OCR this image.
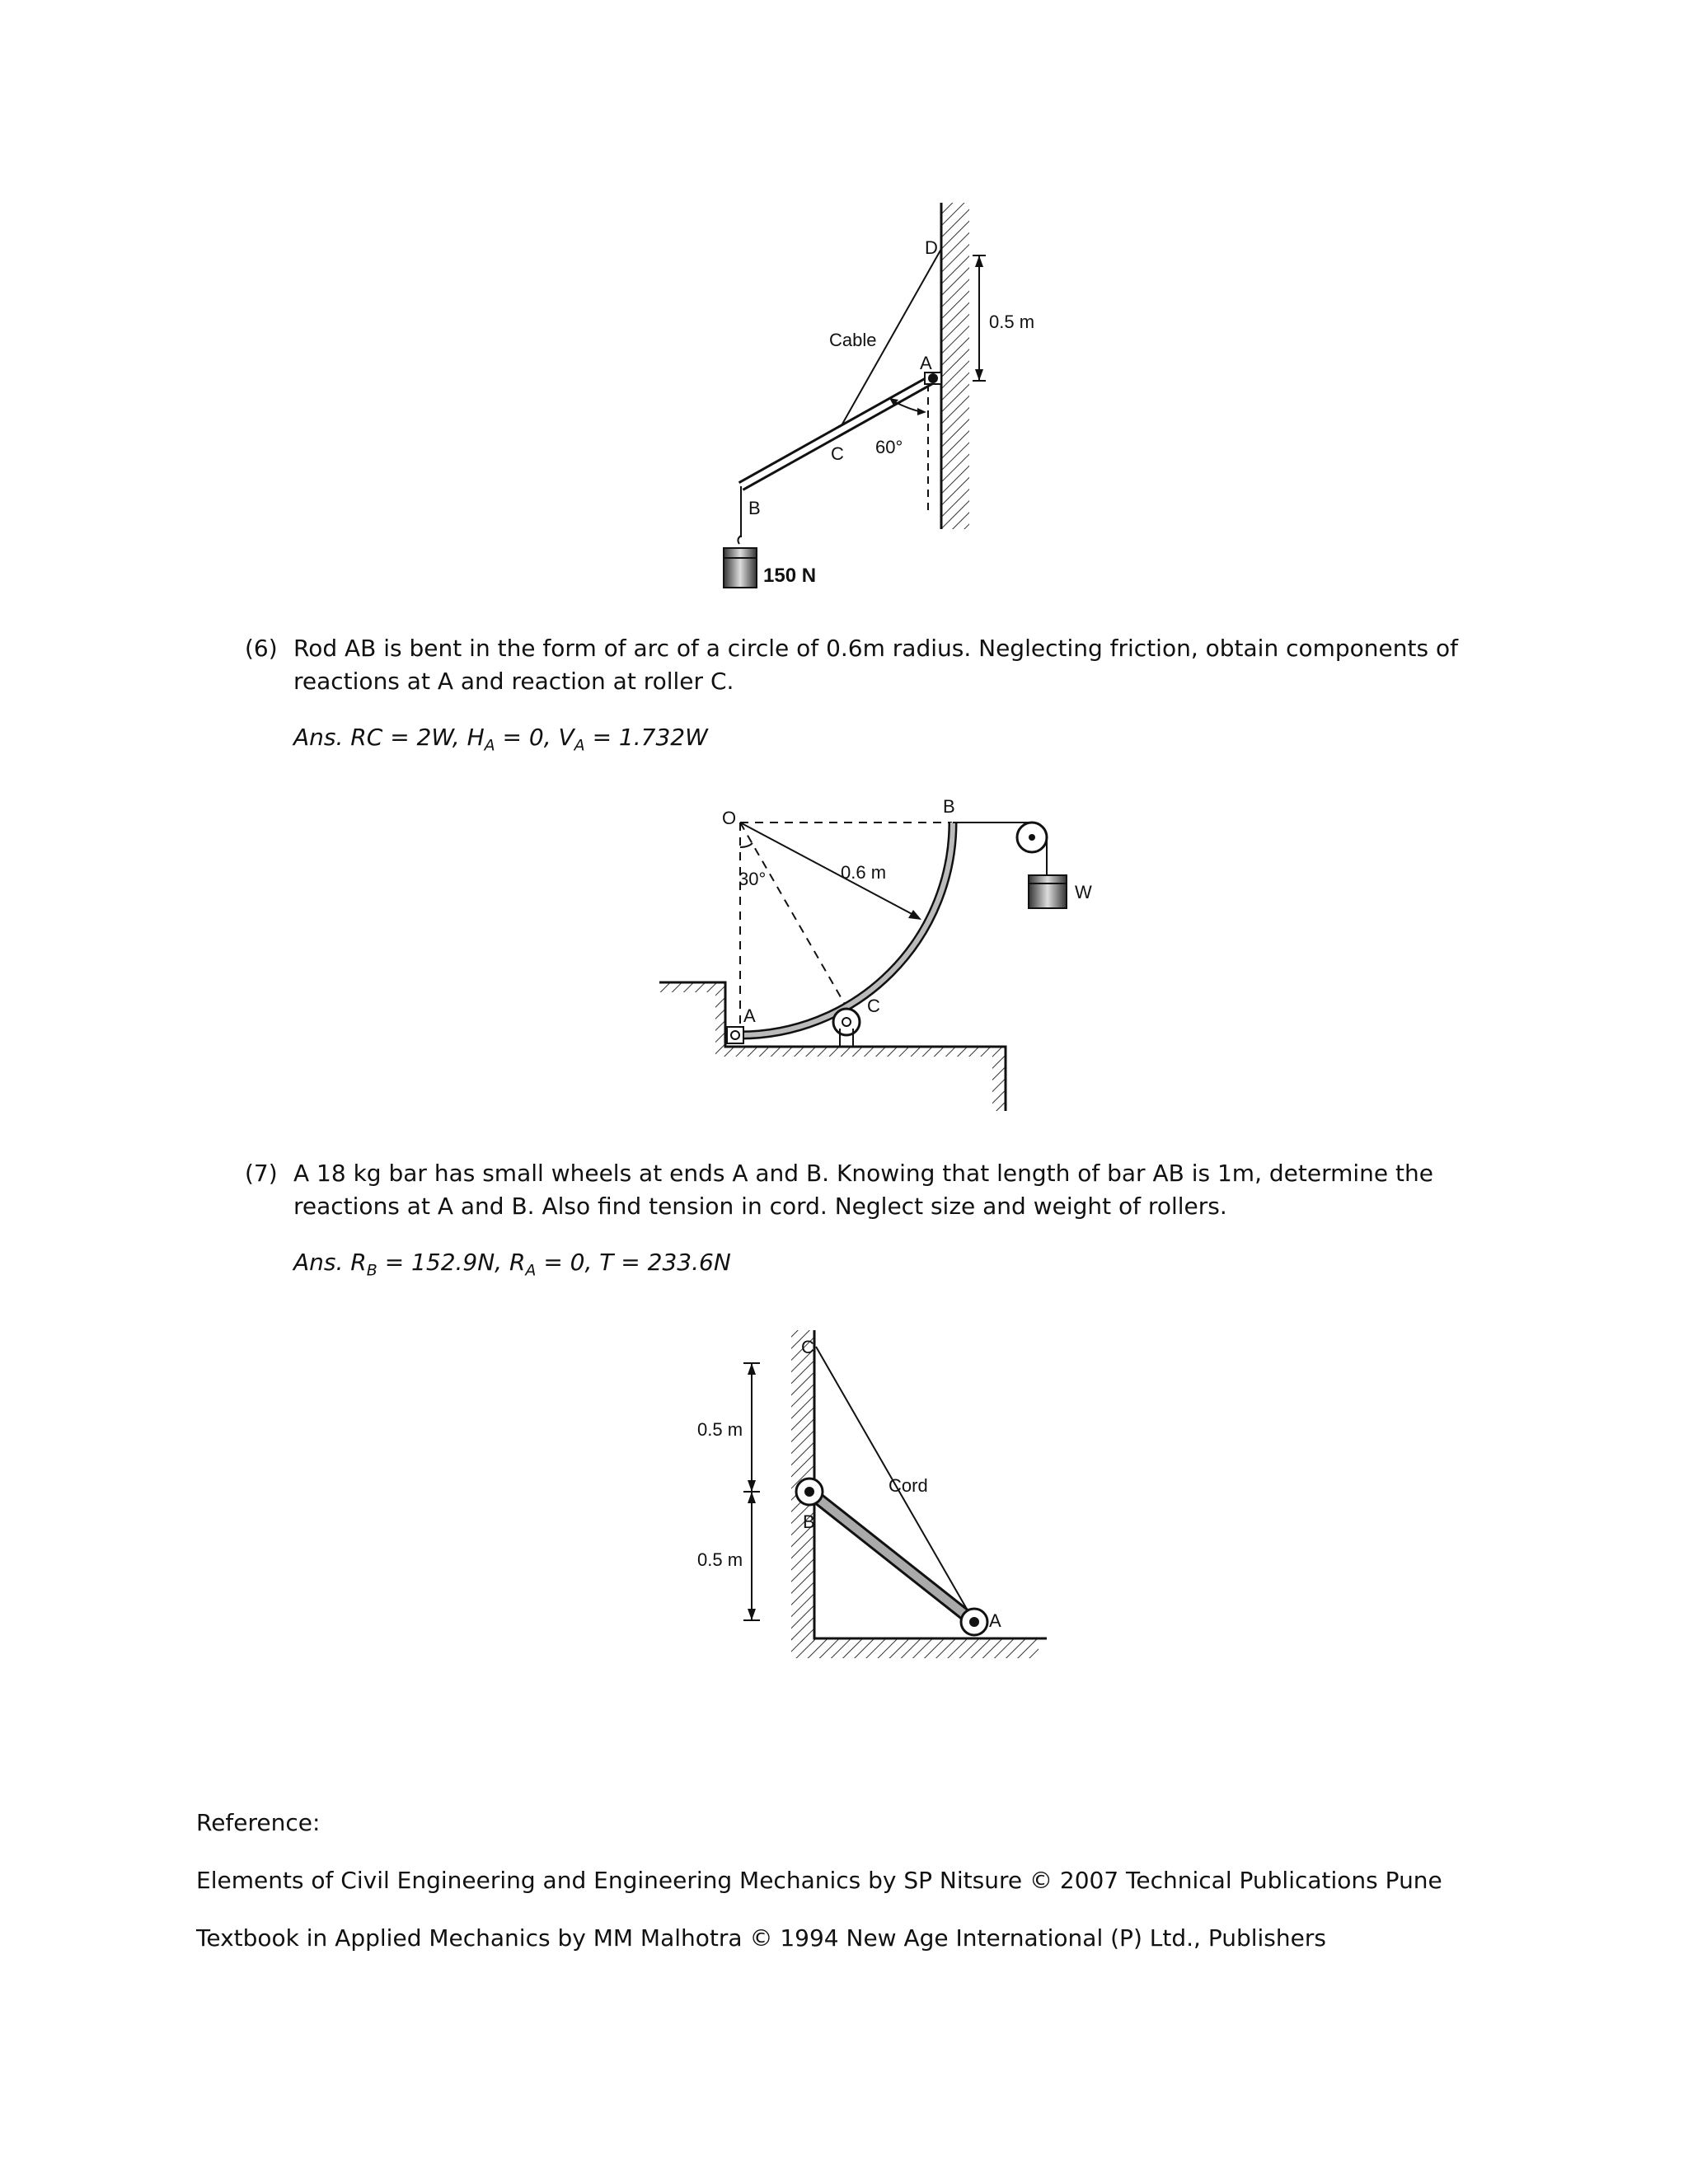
D
A
B
C
Cable
0.5 m
60°
150 N
(6) Rod AB is bent in the form of arc of a circle of 0.6m radius. Neglecting friction, obtain components of
reactions at A and reaction at roller C.
Ans. RC = 2W, $H_A = 0$, $V_A = 1.732W$
O
B
0.6 m
30°
A	C
W
(7) A 18 kg bar has small wheels at ends A and B. Knowing that length of bar AB is 1m, determine the
reactions at A and B. Also find tension in cord. Neglect size and weight of rollers.
Ans. $R_B = 152.9N$, $R_A = 0$, T = 233.6N
C
B
A
Cord
0.5 m
0.5 m
Reference:
Elements of Civil Engineering and Engineering Mechanics by SP Nitsure © 2007 Technical Publications Pune
Textbook in Applied Mechanics by MM Malhotra © 1994 New Age International (P) Ltd., Publishers
